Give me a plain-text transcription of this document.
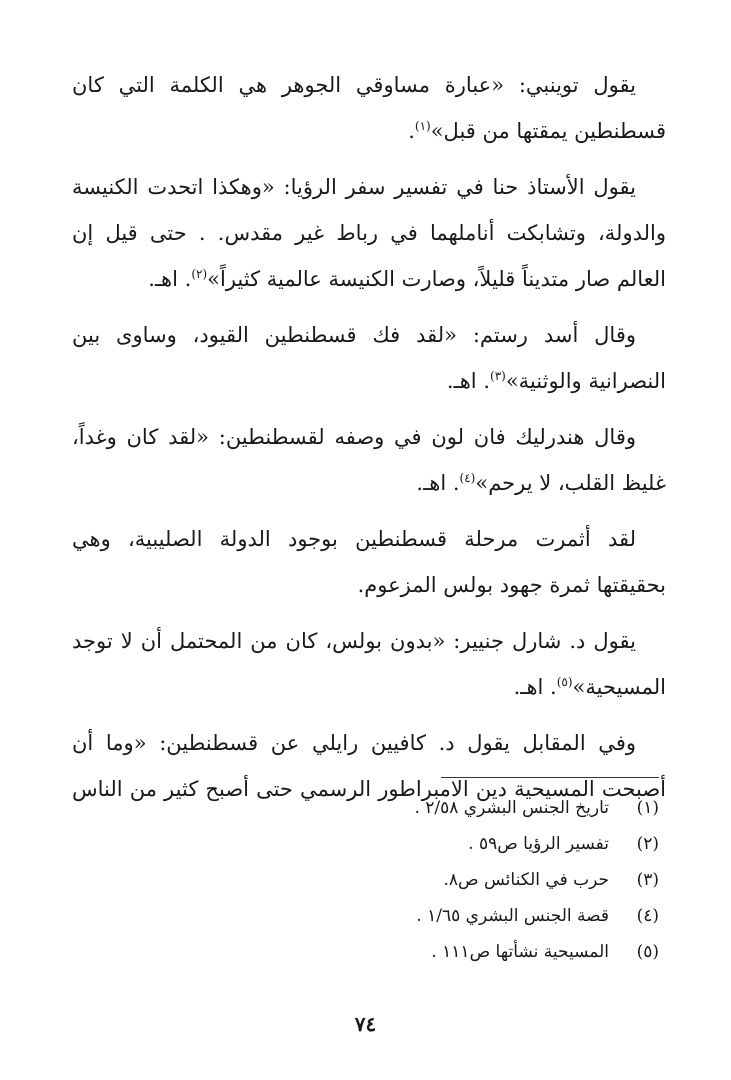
يقول توينبي: «عبارة مساوقي الجوهر هي الكلمة التي كان قسطنطين يمقتها من قبل»$^{(١)}$.

يقول الأستاذ حنا في تفسير سفر الرؤيا: «وهكذا اتحدت الكنيسة والدولة، وتشابكت أناملهما في رباط غير مقدس. . حتى قيل إن العالم صار متديناً قليلاً، وصارت الكنيسة عالمية كثيراً»$^{(٢)}$. اهـ.

وقال أسد رستم: «لقد فك قسطنطين القيود، وساوى بين النصرانية والوثنية»$^{(٣)}$. اهـ.

وقال هندرليك فان لون في وصفه لقسطنطين: «لقد كان وغداً، غليظ القلب، لا يرحم»$^{(٤)}$. اهـ.

لقد أثمرت مرحلة قسطنطين بوجود الدولة الصليبية، وهي بحقيقتها ثمرة جهود بولس المزعوم.

يقول د. شارل جنيير: «بدون بولس، كان من المحتمل أن لا توجد المسيحية»$^{(٥)}$. اهـ.

وفي المقابل يقول د. كافيين رايلي عن قسطنطين: «وما أن أصبحت المسيحية دين الامبراطور الرسمي حتى أصبح كثير من الناس

(١)تاريخ الجنس البشري ٢/٥٨ .
(٢)تفسير الرؤيا ص٥٩ .
(٣)حرب في الكنائس ص٨.
(٤)قصة الجنس البشري ١/٦٥ .
(٥)المسيحية نشأتها ص١١١ .
٧٤
